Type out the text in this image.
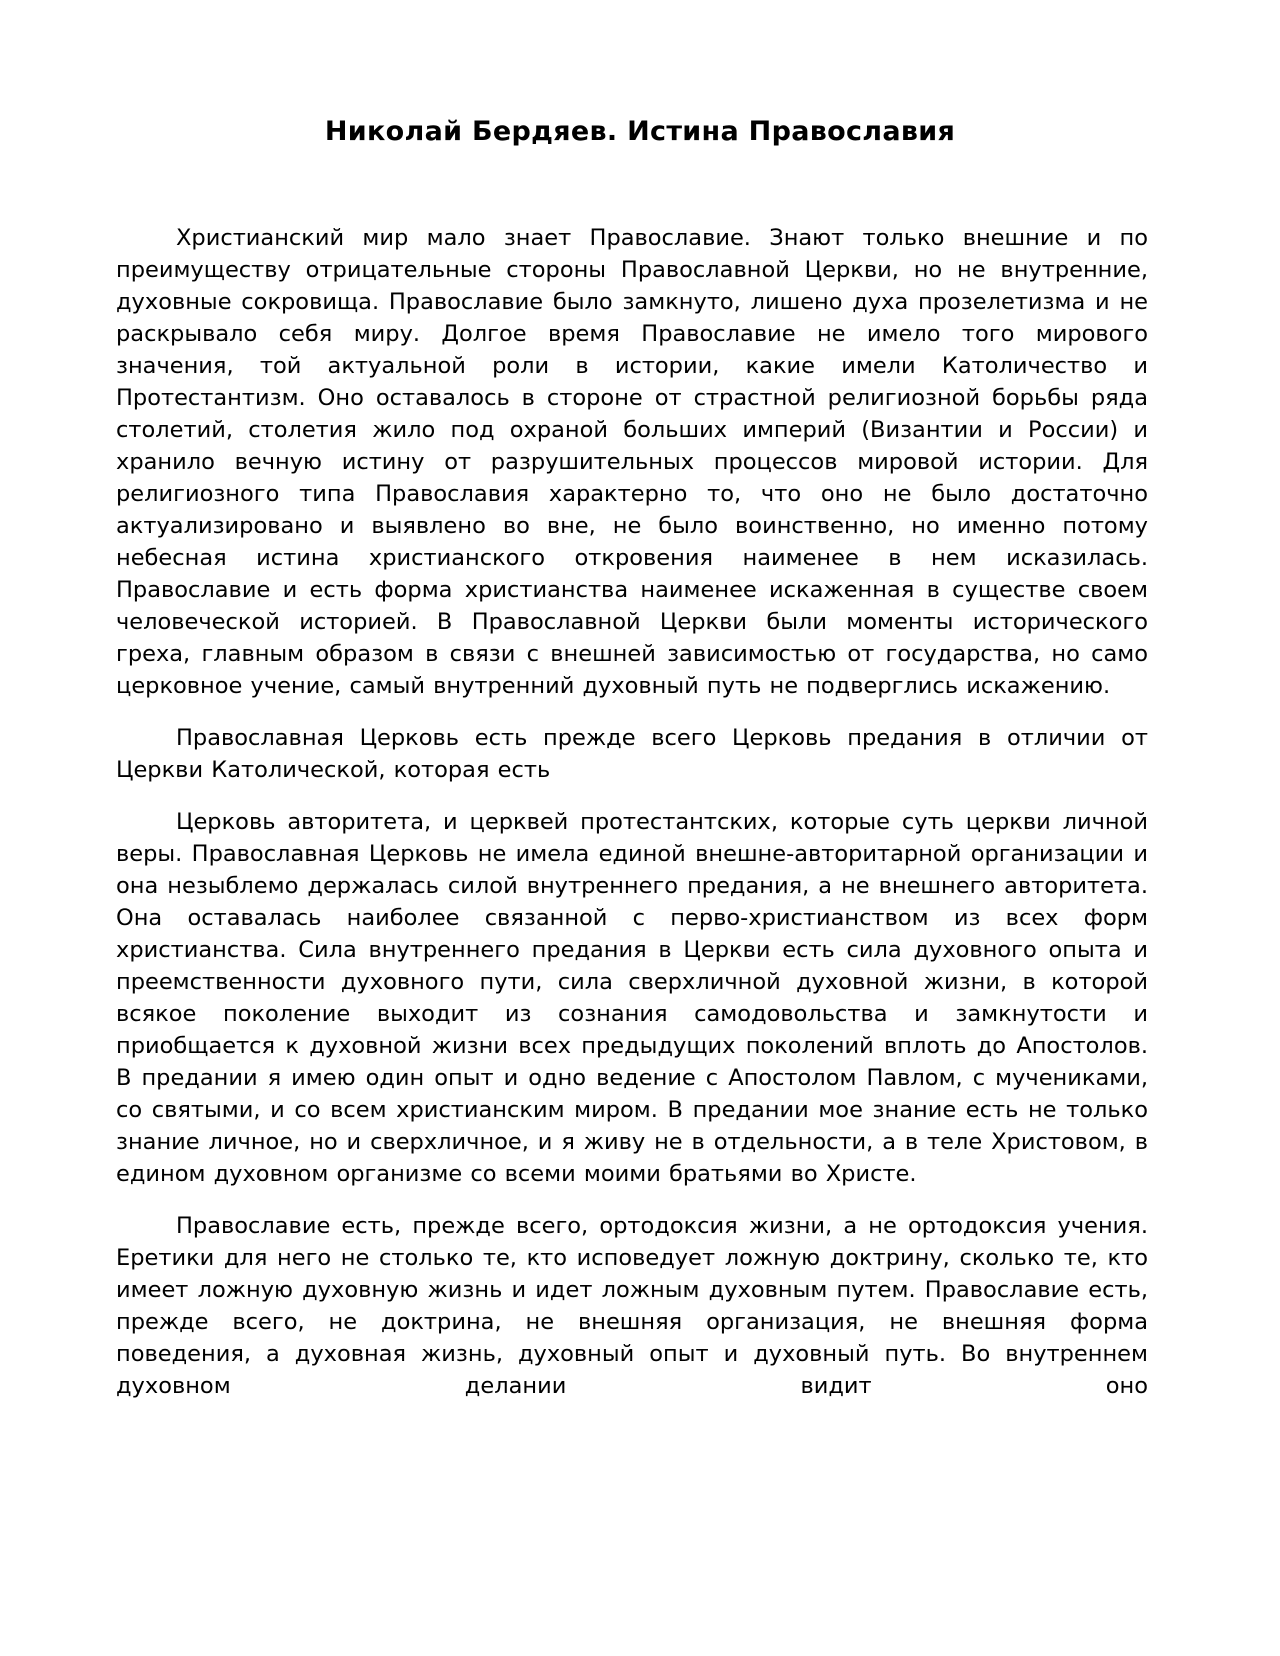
Николай Бердяев. Истина Православия

Христианский мир мало знает Православие. Знают только внешние и по преимуществу отрицательные стороны Православной Церкви, но не внутренние, духовные сокровища. Православие было замкнуто, лишено духа прозелетизма и не раскрывало себя миру. Долгое время Православие не имело того мирового значения, той актуальной роли в истории, какие имели Католичество и Протестантизм. Оно оставалось в стороне от страстной религиозной борьбы ряда столетий, столетия жило под охраной больших империй (Византии и России) и хранило вечную истину от разрушительных процессов мировой истории. Для религиозного типа Православия характерно то, что оно не было достаточно актуализировано и выявлено во вне, не было воинственно, но именно потому небесная истина христианского откровения наименее в нем исказилась. Православие и есть форма христианства наименее искаженная в существе своем человеческой историей. В Православной Церкви были моменты исторического греха, главным образом в связи с внешней зависимостью от государства, но само церковное учение, самый внутренний духовный путь не подверглись искажению.

Православная Церковь есть прежде всего Церковь предания в отличии от Церкви Католической, которая есть

Церковь авторитета, и церквей протестантских, которые суть церкви личной веры. Православная Церковь не имела единой внешне-авторитарной организации и она незыблемо держалась силой внутреннего предания, а не внешнего авторитета. Она оставалась наиболее связанной с перво-христианством из всех форм христианства. Сила внутреннего предания в Церкви есть сила духовного опыта и преемственности духовного пути, сила сверхличной духовной жизни, в которой всякое поколение выходит из сознания самодовольства и замкнутости и приобщается к духовной жизни всех предыдущих поколений вплоть до Апостолов. В предании я имею один опыт и одно ведение с Апостолом Павлом, с мучениками, со святыми, и со всем христианским миром. В предании мое знание есть не только знание личное, но и сверхличное, и я живу не в отдельности, а в теле Христовом, в едином духовном организме со всеми моими братьями во Христе.

Православие есть, прежде всего, ортодоксия жизни, а не ортодоксия учения. Еретики для него не столько те, кто исповедует ложную доктрину, сколько те, кто имеет ложную духовную жизнь и идет ложным духовным путем. Православие есть, прежде всего, не доктрина, не внешняя организация, не внешняя форма поведения, а духовная жизнь, духовный опыт и духовный путь. Во внутреннем духовном делании видит оно
